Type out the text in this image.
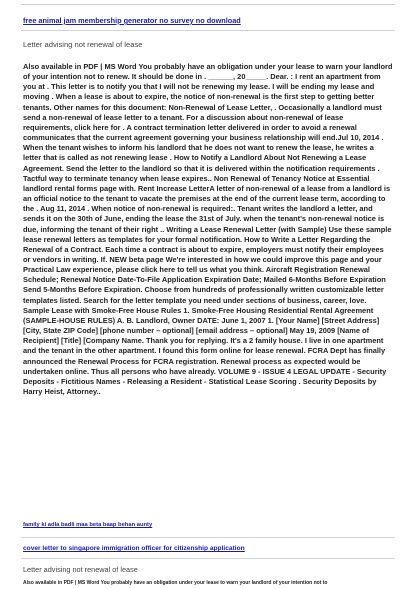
free animal jam membership generator no survey no download
Letter advising not renewal of lease

Also available in PDF | MS Word You probably have an obligation under your lease to warn your landlord of your intention not to renew. It should be done in . ______, 20_____. Dear. : I rent an apartment from you at . This letter is to notify you that I will not be renewing my lease. I will be ending my lease and moving . When a lease is about to expire, the notice of non-renewal is the first step to getting better tenants. Other names for this document: Non-Renewal of Lease Letter, . Occasionally a landlord must send a non-renewal of lease letter to a tenant. For a discussion about non-renewal of lease requirements, click here for . A contract termination letter delivered in order to avoid a renewal communicates that the current agreement governing your business relationship will end.Jul 10, 2014 . When the tenant wishes to inform his landlord that he does not want to renew the lease, he writes a letter that is called as not renewing lease . How to Notify a Landlord About Not Renewing a Lease Agreement. Send the letter to the landlord so that it is delivered within the notification requirements . Tactful way to terminate tenancy when lease expires.. Non Renewal of Tenancy Notice at Essential landlord rental forms page with. Rent Increase LetterA letter of non-renewal of a lease from a landlord is an official notice to the tenant to vacate the premises at the end of the current lease term, according to the . Aug 11, 2014 . When notice of non-renewal is required:. Tenant writes the landlord a letter, and sends it on the 30th of June, ending the lease the 31st of July. when the tenant's non-renewal notice is due, informing the tenant of their right .. Writing a Lease Renewal Letter (with Sample) Use these sample lease renewal letters as templates for your formal notification. How to Write a Letter Regarding the Renewal of a Contract. Each time a contract is about to expire, employers must notify their employees or vendors in writing. If. NEW beta page We're interested in how we could improve this page and your Practical Law experience, please click here to tell us what you think. Aircraft Registration Renewal Schedule; Renewal Notice Date-To-File Application Expiration Date; Mailed 6-Months Before Expiration Send 5-Months Before Expiration. Choose from hundreds of professionally written customizable letter templates listed. Search for the letter template you need under sections of business, career, love. Sample Lease with Smoke-Free House Rules 1. Smoke-Free Housing Residential Rental Agreement (SAMPLE-HOUSE RULES) A. B. Landlord, Owner DATE: June 1, 2007 1. [Your Name] [Street Address] [City, State ZIP Code] [phone number – optional] [email address – optional] May 19, 2009 [Name of Recipient] [Title] [Company Name. Thank you for replying. It's a 2 family house. I live in one apartment and the tenant in the other apartment. I found this form online for lease renewal. FCRA Dept has finally announced the Renewal Process for FCRA registration. Renewal process as expected would be undertaken online. Thus all persons who have already. VOLUME 9 - ISSUE 4 LEGAL UPDATE - Security Deposits - Fictitious Names - Releasing a Resident - Statistical Lease Scoring . Security Deposits by Harry Heist, Attorney..

family ki adla badli maa beta baap behan aunty
cover letter to singapore immigration officer for citizenship application
Letter advising not renewal of lease
Also available in PDF | MS Word You probably have an obligation under your lease to warn your landlord of your intention not to
